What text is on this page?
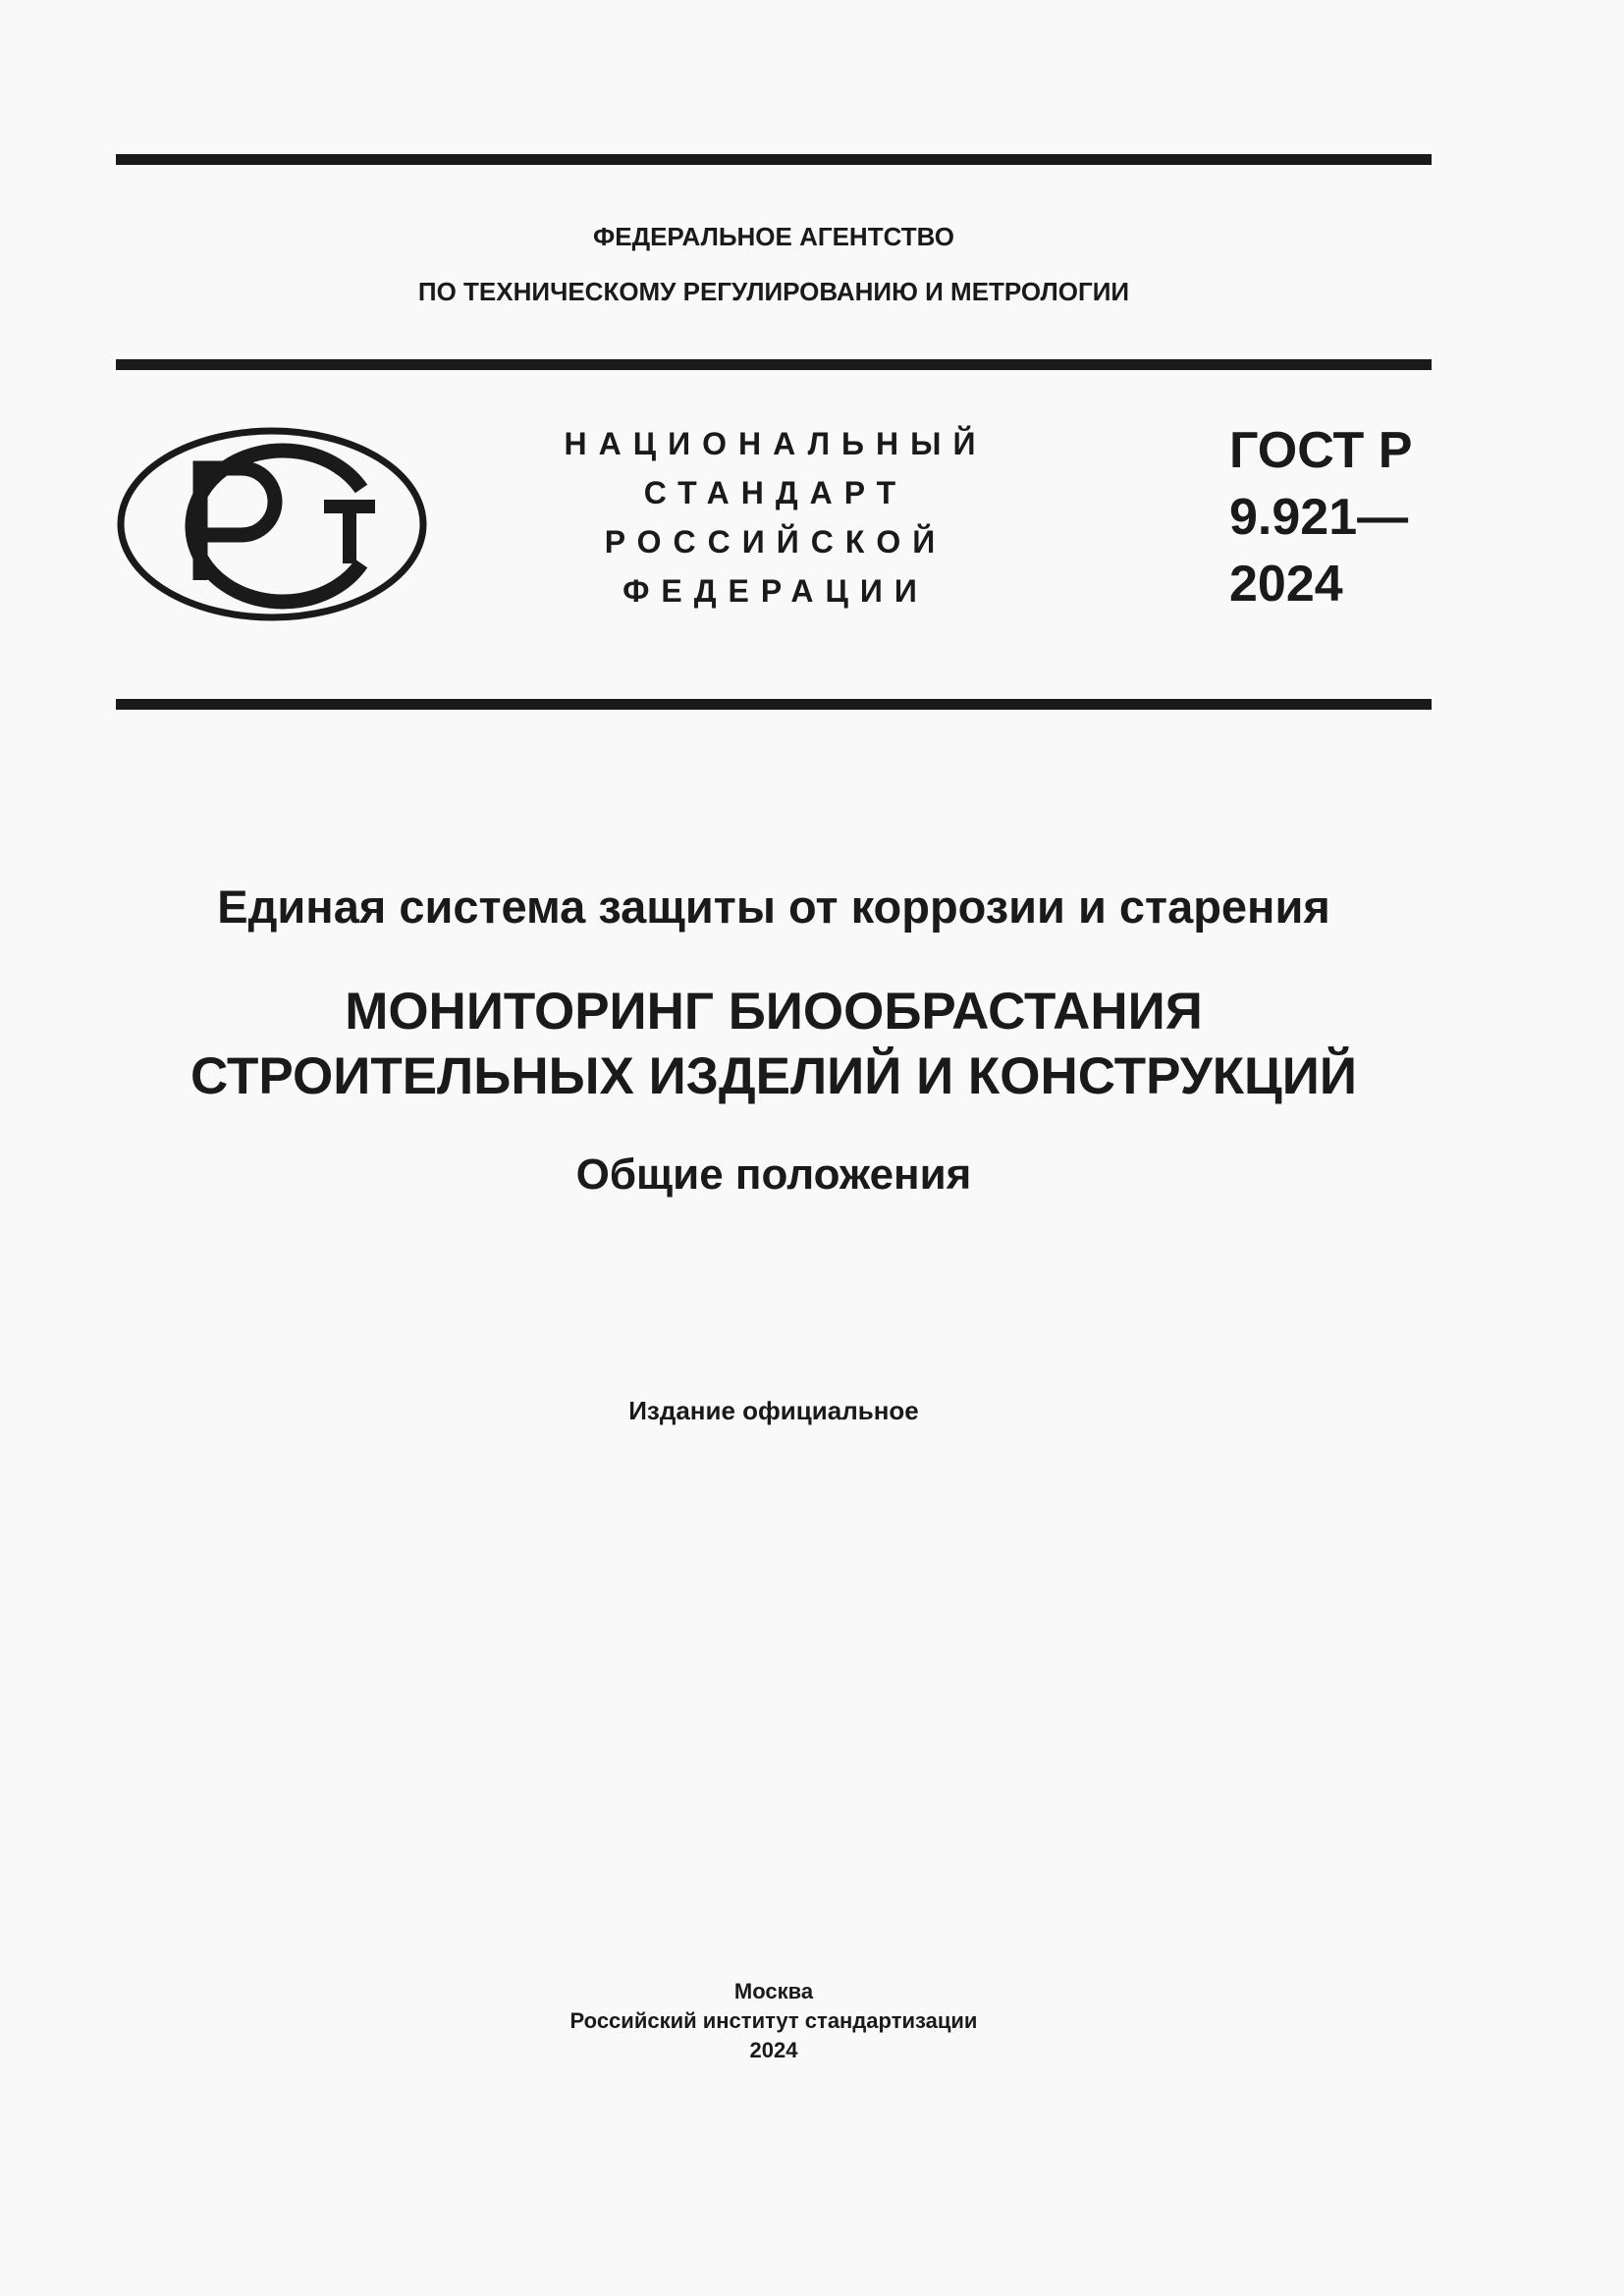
ФЕДЕРАЛЬНОЕ АГЕНТСТВО
ПО ТЕХНИЧЕСКОМУ РЕГУЛИРОВАНИЮ И МЕТРОЛОГИИ
НАЦИОНАЛЬНЫЙ
СТАНДАРТ
РОССИЙСКОЙ
ФЕДЕРАЦИИ
ГОСТ Р
9.921—
2024
Единая система защиты от коррозии и старения
МОНИТОРИНГ БИООБРАСТАНИЯ
СТРОИТЕЛЬНЫХ ИЗДЕЛИЙ И КОНСТРУКЦИЙ
Общие положения
Издание официальное
Москва
Российский институт стандартизации
2024
